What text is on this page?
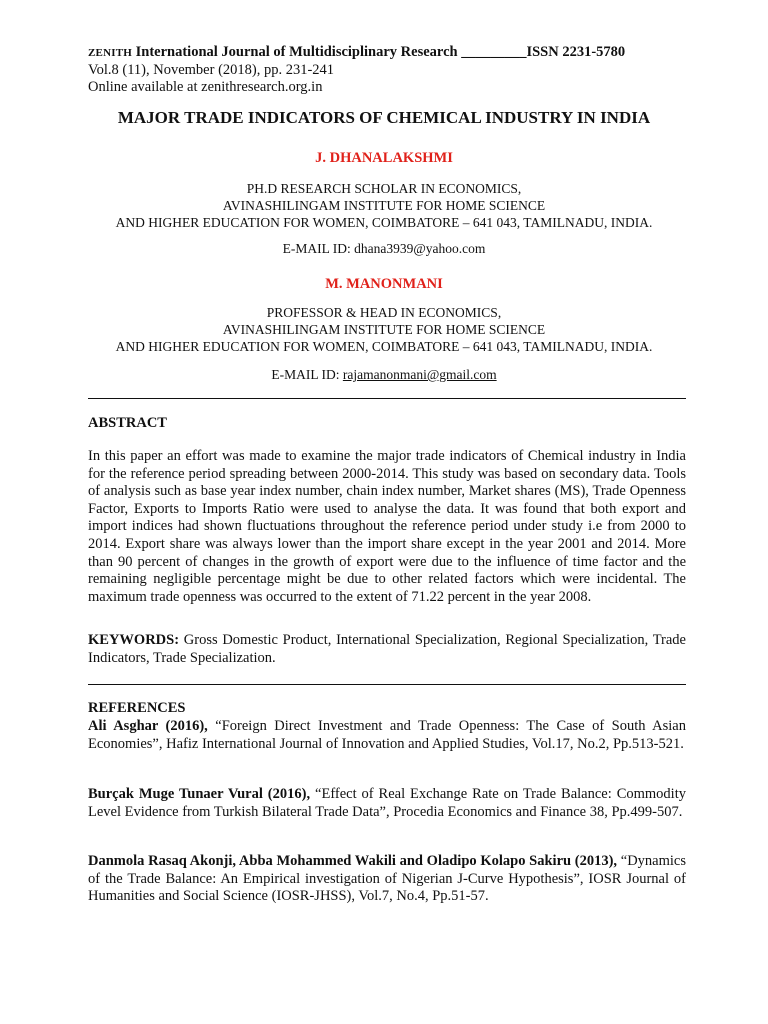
ZENITH International Journal of Multidisciplinary Research _________ISSN 2231-5780
Vol.8 (11), November (2018), pp. 231-241
Online available at zenithresearch.org.in
MAJOR TRADE INDICATORS OF CHEMICAL INDUSTRY IN INDIA
J. DHANALAKSHMI
PH.D RESEARCH SCHOLAR IN ECONOMICS,
AVINASHILINGAM INSTITUTE FOR HOME SCIENCE
AND HIGHER EDUCATION FOR WOMEN, COIMBATORE – 641 043, TAMILNADU, INDIA.
E-MAIL ID: dhana3939@yahoo.com
M. MANONMANI
PROFESSOR & HEAD IN ECONOMICS,
AVINASHILINGAM INSTITUTE FOR HOME SCIENCE
AND HIGHER EDUCATION FOR WOMEN, COIMBATORE – 641 043, TAMILNADU, INDIA.
E-MAIL ID: rajamanonmani@gmail.com
ABSTRACT
In this paper an effort was made to examine the major trade indicators of Chemical industry in India for the reference period spreading between 2000-2014. This study was based on secondary data. Tools of analysis such as base year index number, chain index number, Market shares (MS), Trade Openness Factor, Exports to Imports Ratio were used to analyse the data. It was found that both export and import indices had shown fluctuations throughout the reference period under study i.e from 2000 to 2014. Export share was always lower than the import share except in the year 2001 and 2014. More than 90 percent of changes in the growth of export were due to the influence of time factor and the remaining negligible percentage might be due to other related factors which were incidental. The maximum trade openness was occurred to the extent of 71.22 percent in the year 2008.
KEYWORDS: Gross Domestic Product, International Specialization, Regional Specialization, Trade Indicators, Trade Specialization.
REFERENCES
Ali Asghar (2016), “Foreign Direct Investment and Trade Openness: The Case of South Asian Economies”, Hafiz International Journal of Innovation and Applied Studies, Vol.17, No.2, Pp.513-521.
Burçak Muge Tunaer Vural (2016), “Effect of Real Exchange Rate on Trade Balance: Commodity Level Evidence from Turkish Bilateral Trade Data”, Procedia Economics and Finance 38, Pp.499-507.
Danmola Rasaq Akonji, Abba Mohammed Wakili and Oladipo Kolapo Sakiru (2013), “Dynamics of the Trade Balance: An Empirical investigation of Nigerian J-Curve Hypothesis”, IOSR Journal of Humanities and Social Science (IOSR-JHSS), Vol.7, No.4, Pp.51-57.
